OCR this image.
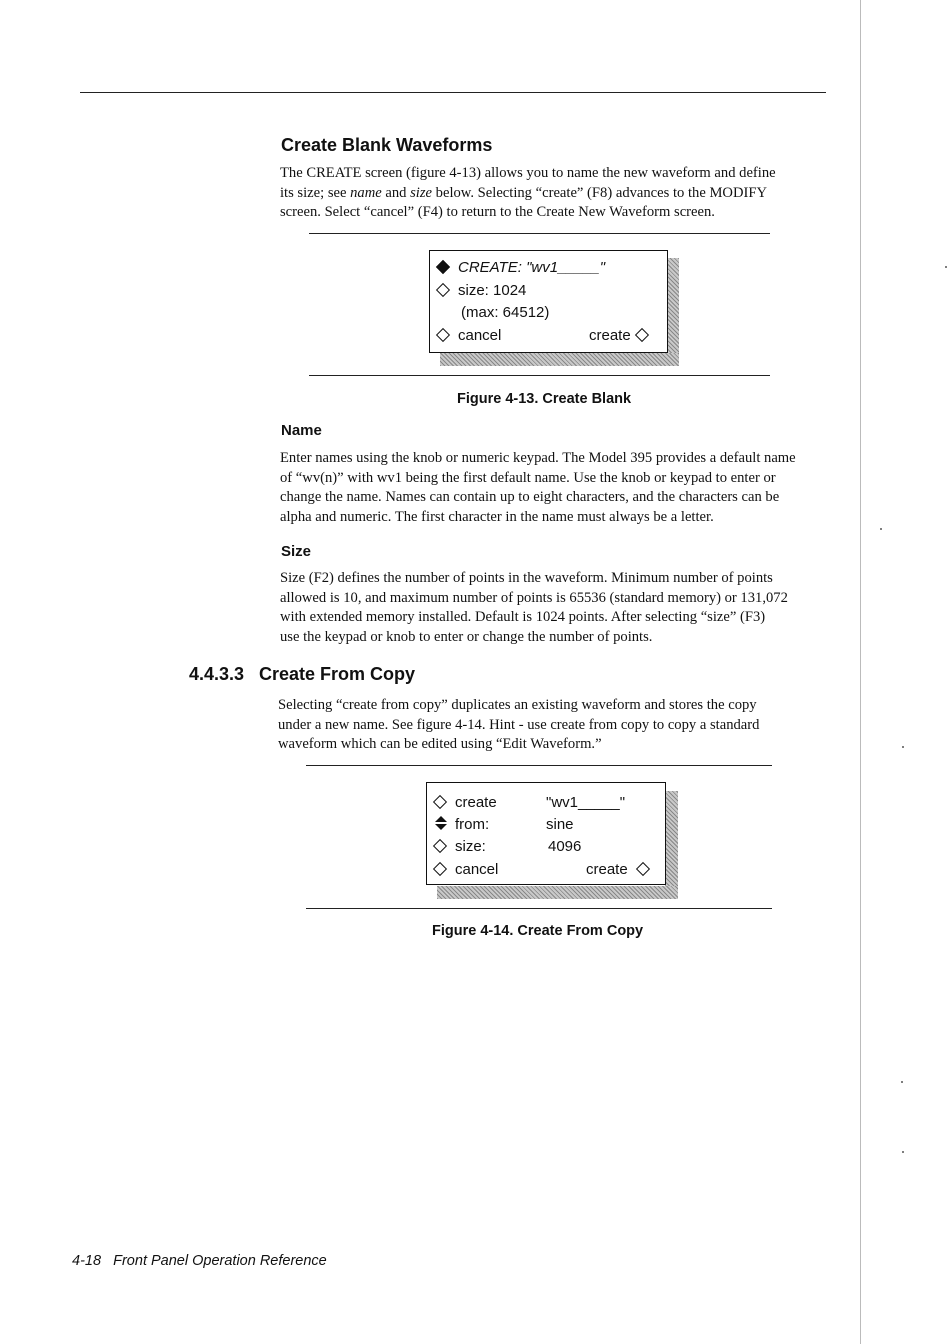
Create Blank Waveforms
The CREATE screen (figure 4-13) allows you to name the new waveform and define
its size; see name and size below. Selecting “create” (F8) advances to the MODIFY
screen. Select “cancel” (F4) to return to the Create New Waveform screen.
CREATE: "wv1_____"
size: 1024
(max: 64512)
cancel	create
Figure 4-13. Create Blank
Name
Enter names using the knob or numeric keypad. The Model 395 provides a default name
of “wv(n)” with wv1 being the first default name. Use the knob or keypad to enter or
change the name. Names can contain up to eight characters, and the characters can be
alpha and numeric. The first character in the name must always be a letter.
Size
Size (F2) defines the number of points in the waveform. Minimum number of points
allowed is 10, and maximum number of points is 65536 (standard memory) or 131,072
with extended memory installed. Default is 1024 points. After selecting “size” (F3)
use the keypad or knob to enter or change the number of points.
4.4.3.3 Create From Copy
Selecting “create from copy” duplicates an existing waveform and stores the copy
under a new name. See figure 4-14. Hint - use create from copy to copy a standard
waveform which can be edited using “Edit Waveform.”
create	"wv1_____"
from:	sine
size:	4096
cancel	create
Figure 4-14. Create From Copy
4-18 Front Panel Operation Reference
